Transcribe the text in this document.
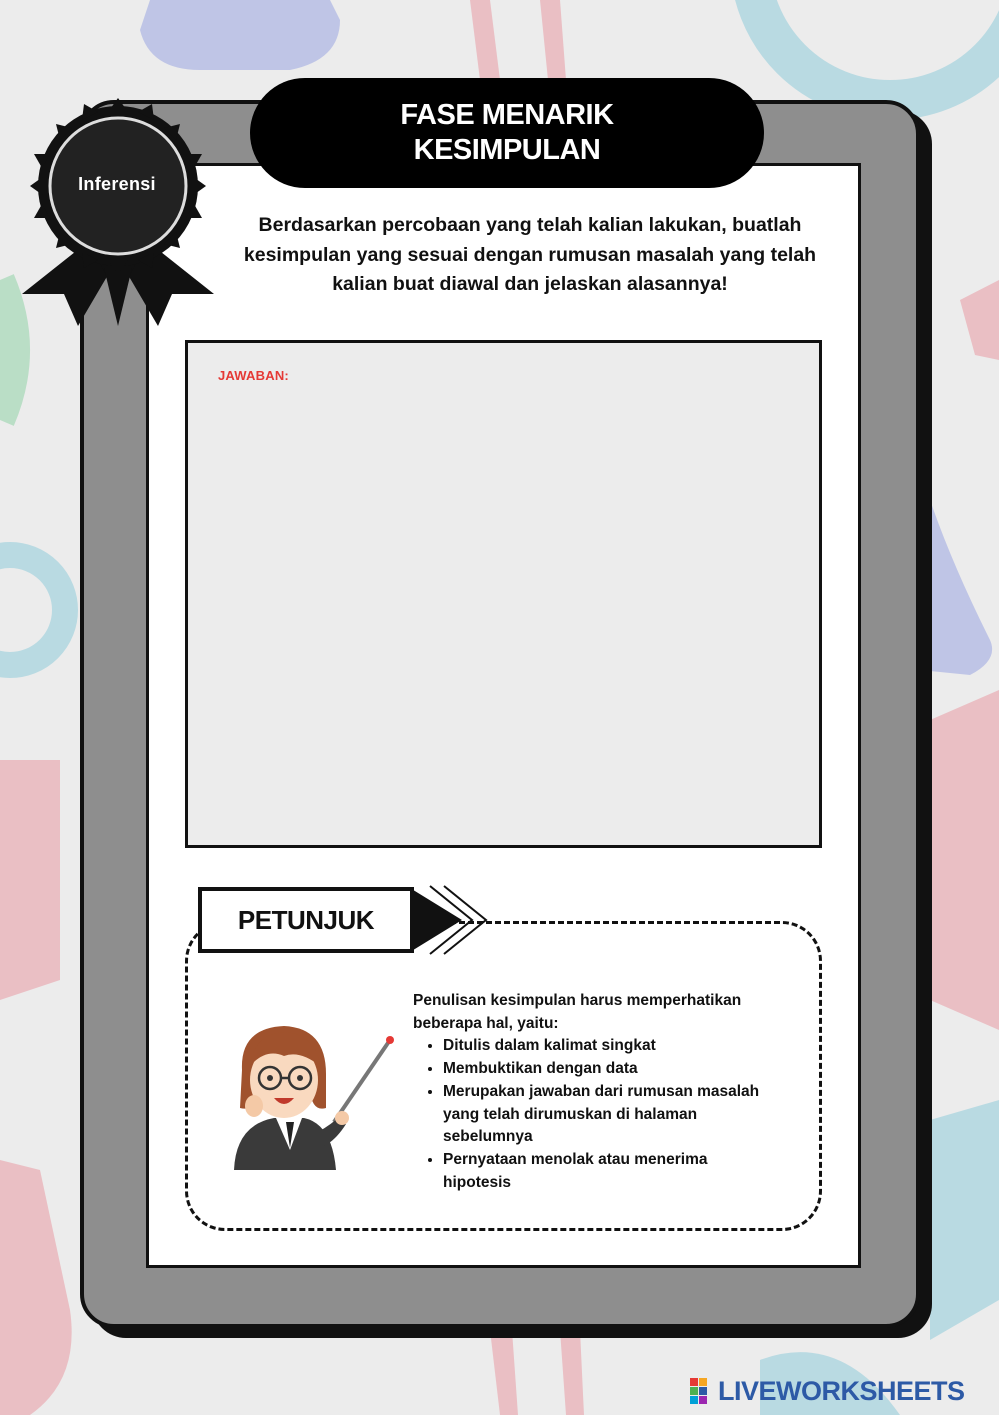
FASE MENARIK
KESIMPULAN
Inferensi
Berdasarkan percobaan yang telah kalian lakukan, buatlah
kesimpulan yang sesuai dengan rumusan masalah yang telah
kalian buat diawal dan jelaskan alasannya!
JAWABAN:
PETUNJUK
Penulisan kesimpulan harus memperhatikan
beberapa hal, yaitu:
• Ditulis dalam kalimat singkat
• Membuktikan dengan data
• Merupakan jawaban dari rumusan masalah yang telah dirumuskan di halaman sebelumnya
• Pernyataan menolak atau menerima hipotesis
LIVEWORKSHEETS
